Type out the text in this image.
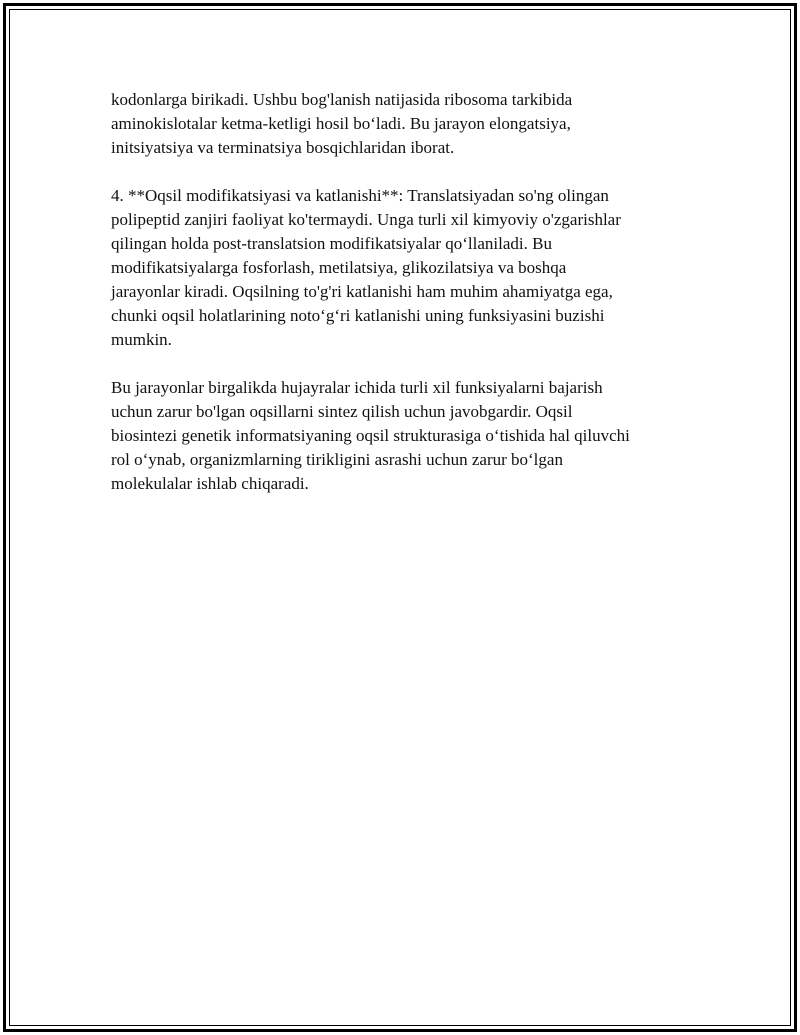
kodonlarga birikadi. Ushbu bog'lanish natijasida ribosoma tarkibida
aminokislotalar ketma-ketligi hosil bo‘ladi. Bu jarayon elongatsiya,
initsiyatsiya va terminatsiya bosqichlaridan iborat.

4. **Oqsil modifikatsiyasi va katlanishi**: Translatsiyadan so'ng olingan
polipeptid zanjiri faoliyat ko'termaydi. Unga turli xil kimyoviy o'zgarishlar
qilingan holda post-translatsion modifikatsiyalar qo‘llaniladi. Bu
modifikatsiyalarga fosforlash, metilatsiya, glikozilatsiya va boshqa
jarayonlar kiradi. Oqsilning to'g'ri katlanishi ham muhim ahamiyatga ega,
chunki oqsil holatlarining noto‘g‘ri katlanishi uning funksiyasini buzishi
mumkin.

Bu jarayonlar birgalikda hujayralar ichida turli xil funksiyalarni bajarish
uchun zarur bo'lgan oqsillarni sintez qilish uchun javobgardir. Oqsil
biosintezi genetik informatsiyaning oqsil strukturasiga o‘tishida hal qiluvchi
rol o‘ynab, organizmlarning tirikligini asrashi uchun zarur bo‘lgan
molekulalar ishlab chiqaradi.
